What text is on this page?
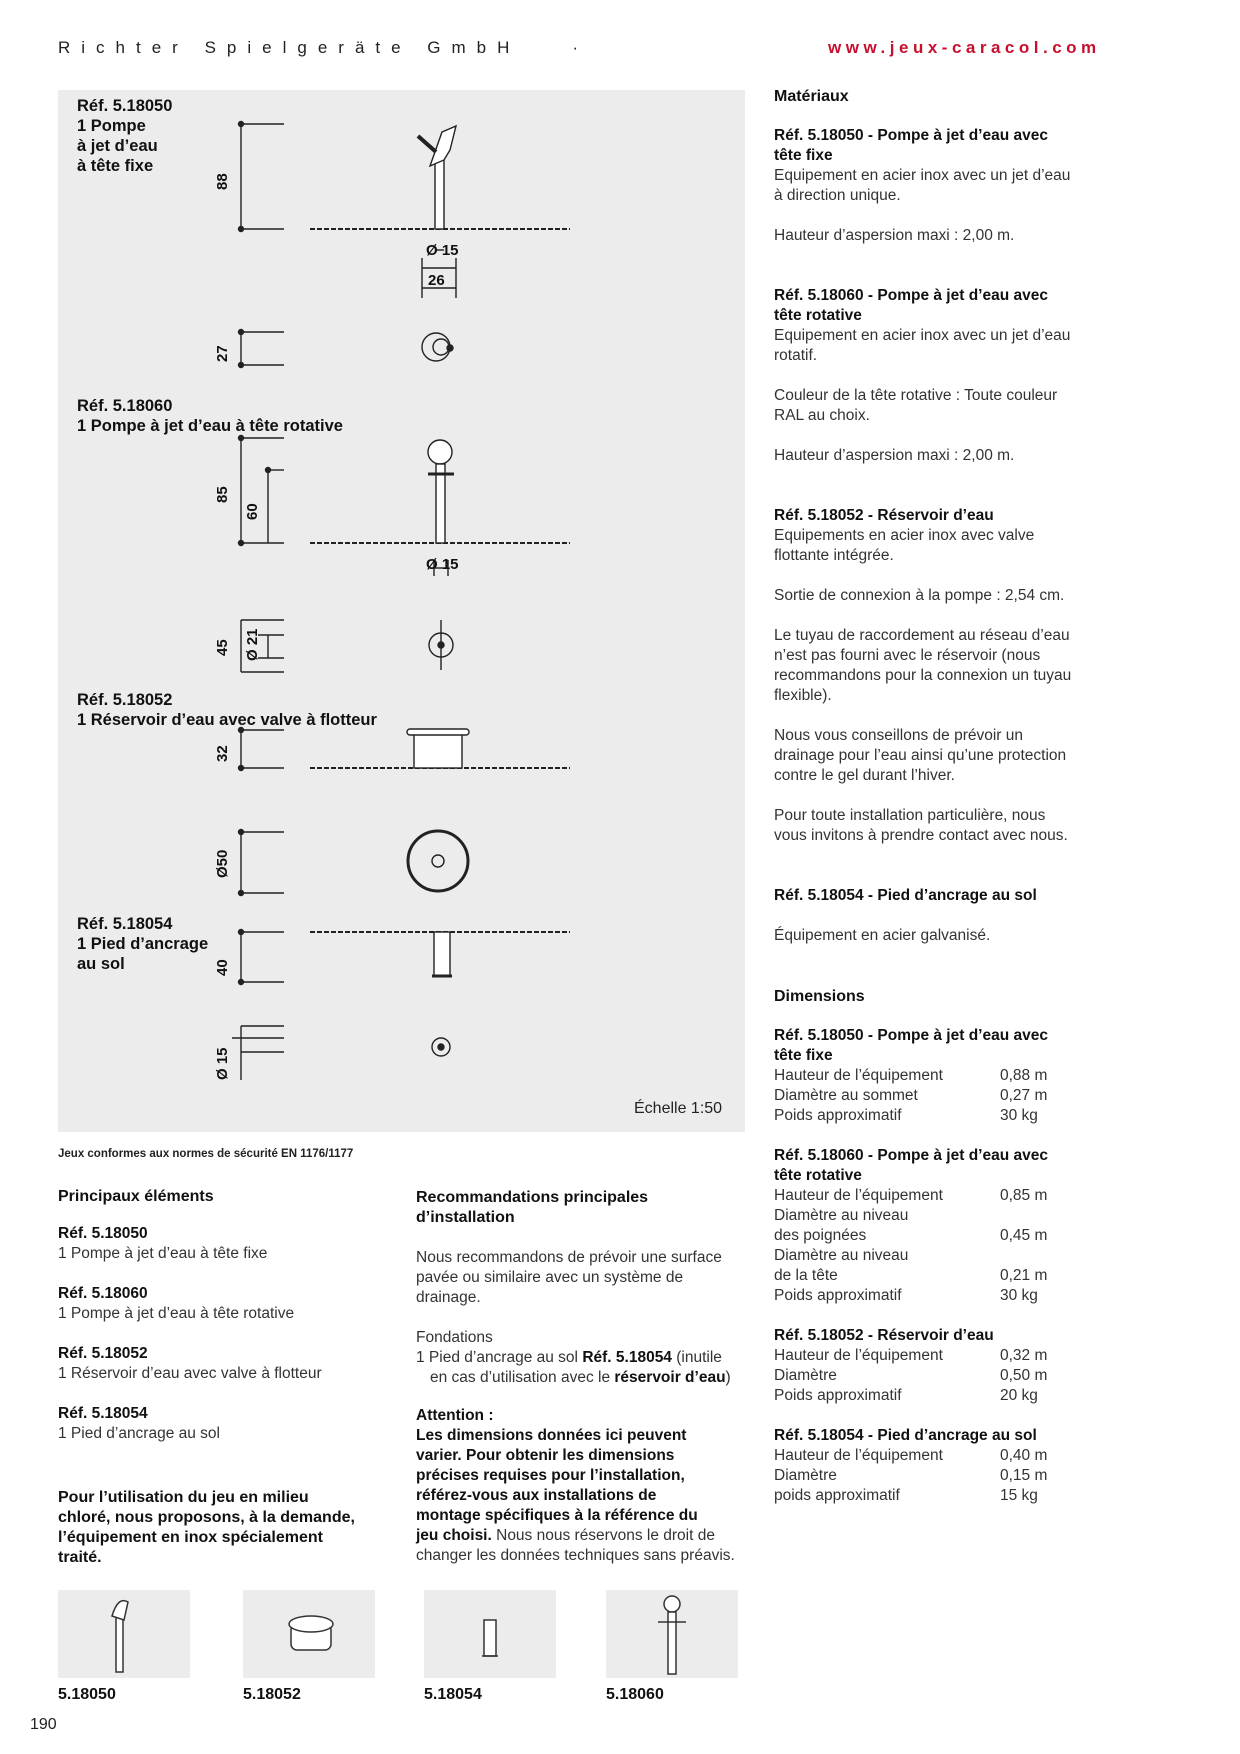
Richter Spielgeräte GmbH	·	www.jeux-caracol.com
Réf. 5.18050
1 Pompe
à jet d’eau
à tête fixe
88
Ø 15
26
27
Réf. 5.18060
1 Pompe à jet d’eau à tête rotative
85
60
Ø 15
45 Ø 21
Réf. 5.18052
1 Réservoir d’eau avec valve à flotteur
32
Ø50
Réf. 5.18054
1 Pied d’ancrage
au sol	40
Ø 15
Échelle 1:50
Jeux conformes aux normes de sécurité EN 1176/1177
Principaux éléments
Réf. 5.18050
1 Pompe à jet d’eau à tête fixe
Réf. 5.18060
1 Pompe à jet d’eau à tête rotative
Réf. 5.18052
1 Réservoir d’eau avec valve à flotteur
Réf. 5.18054
1 Pied d’ancrage au sol
Pour l’utilisation du jeu en milieu
chloré, nous proposons, à la demande,
l’équipement en inox spécialement
traité.
Recommandations principales
d’installation
Nous recommandons de prévoir une surface
pavée ou similaire avec un système de
drainage.
Fondations
1 Pied d’ancrage au sol Réf. 5.18054 (inutile
en cas d’utilisation avec le réservoir d’eau)
Attention :
Les dimensions données ici peuvent
varier. Pour obtenir les dimensions
précises requises pour l’installation,
référez-vous aux installations de
montage spécifiques à la référence du
jeu choisi. Nous nous réservons le droit de
changer les données techniques sans préavis.
Matériaux
Réf. 5.18050 - Pompe à jet d’eau avec
tête fixe
Equipement en acier inox avec un jet d’eau
à direction unique.
Hauteur d’aspersion maxi : 2,00 m.
Réf. 5.18060 - Pompe à jet d’eau avec
tête rotative
Equipement en acier inox avec un jet d’eau
rotatif.
Couleur de la tête rotative : Toute couleur
RAL au choix.
Hauteur d’aspersion maxi : 2,00 m.
Réf. 5.18052 - Réservoir d’eau
Equipements en acier inox avec valve
flottante intégrée.
Sortie de connexion à la pompe : 2,54 cm.
Le tuyau de raccordement au réseau d’eau
n’est pas fourni avec le réservoir (nous
recommandons pour la connexion un tuyau
flexible).
Nous vous conseillons de prévoir un
drainage pour l’eau ainsi qu’une protection
contre le gel durant l’hiver.
Pour toute installation particulière, nous
vous invitons à prendre contact avec nous.
Réf. 5.18054 - Pied d’ancrage au sol
Équipement en acier galvanisé.
Dimensions
Réf. 5.18050 - Pompe à jet d’eau avec
tête fixe
Hauteur de l’équipement	0,88 m
Diamètre au sommet	0,27 m
Poids approximatif	30 kg
Réf. 5.18060 - Pompe à jet d’eau avec
tête rotative
Hauteur de l’équipement	0,85 m
Diamètre au niveau
des poignées	0,45 m
Diamètre au niveau
de la tête	0,21 m
Poids approximatif	30 kg
Réf. 5.18052 - Réservoir d’eau
Hauteur de l’équipement	0,32 m
Diamètre	0,50 m
Poids approximatif	20 kg
Réf. 5.18054 - Pied d’ancrage au sol
Hauteur de l’équipement	0,40 m
Diamètre	0,15 m
poids approximatif	15 kg
5.18050	5.18052	5.18054	5.18060
190
